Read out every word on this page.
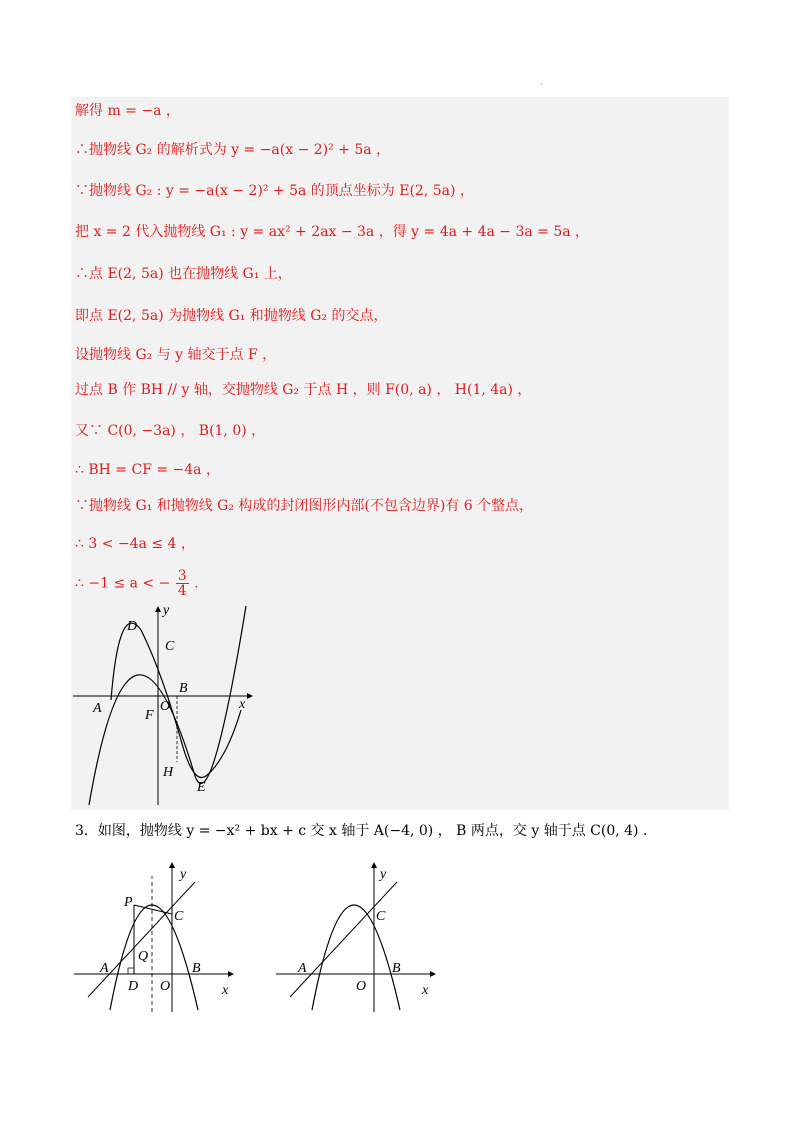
·
解得 m = −a ，
∴抛物线 G₂ 的解析式为 y = −a(x − 2)² + 5a ，
∵抛物线 G₂ : y = −a(x − 2)² + 5a 的顶点坐标为 E(2, 5a) ，
把 x = 2 代入抛物线 G₁ : y = ax² + 2ax − 3a ，得 y = 4a + 4a − 3a = 5a ，
∴点 E(2, 5a) 也在抛物线 G₁ 上，
即点 E(2, 5a) 为抛物线 G₁ 和抛物线 G₂ 的交点，
设抛物线 G₂ 与 y 轴交于点 F ，
过点 B 作 BH // y 轴，交抛物线 G₂ 于点 H ，则 F(0, a) ， H(1, 4a) ，
又∵ C(0, −3a) ， B(1, 0) ，
∴ BH = CF = −4a ，
∵抛物线 G₁ 和抛物线 G₂ 构成的封闭图形内部(不包含边界)有 6 个整点，
∴ 3 < −4a ≤ 4 ，
∴ −1 ≤ a < − $\frac{3}{4}$ .
D
C
y
B
A	O
F
x
H
E
3．如图，抛物线 y = −x² + bx + c 交 x 轴于 A(−4, 0) ， B 两点，交 y 轴于点 C(0, 4) .
P
y
C
Q
A
D O
B
x
y
C
A
O
B
x
